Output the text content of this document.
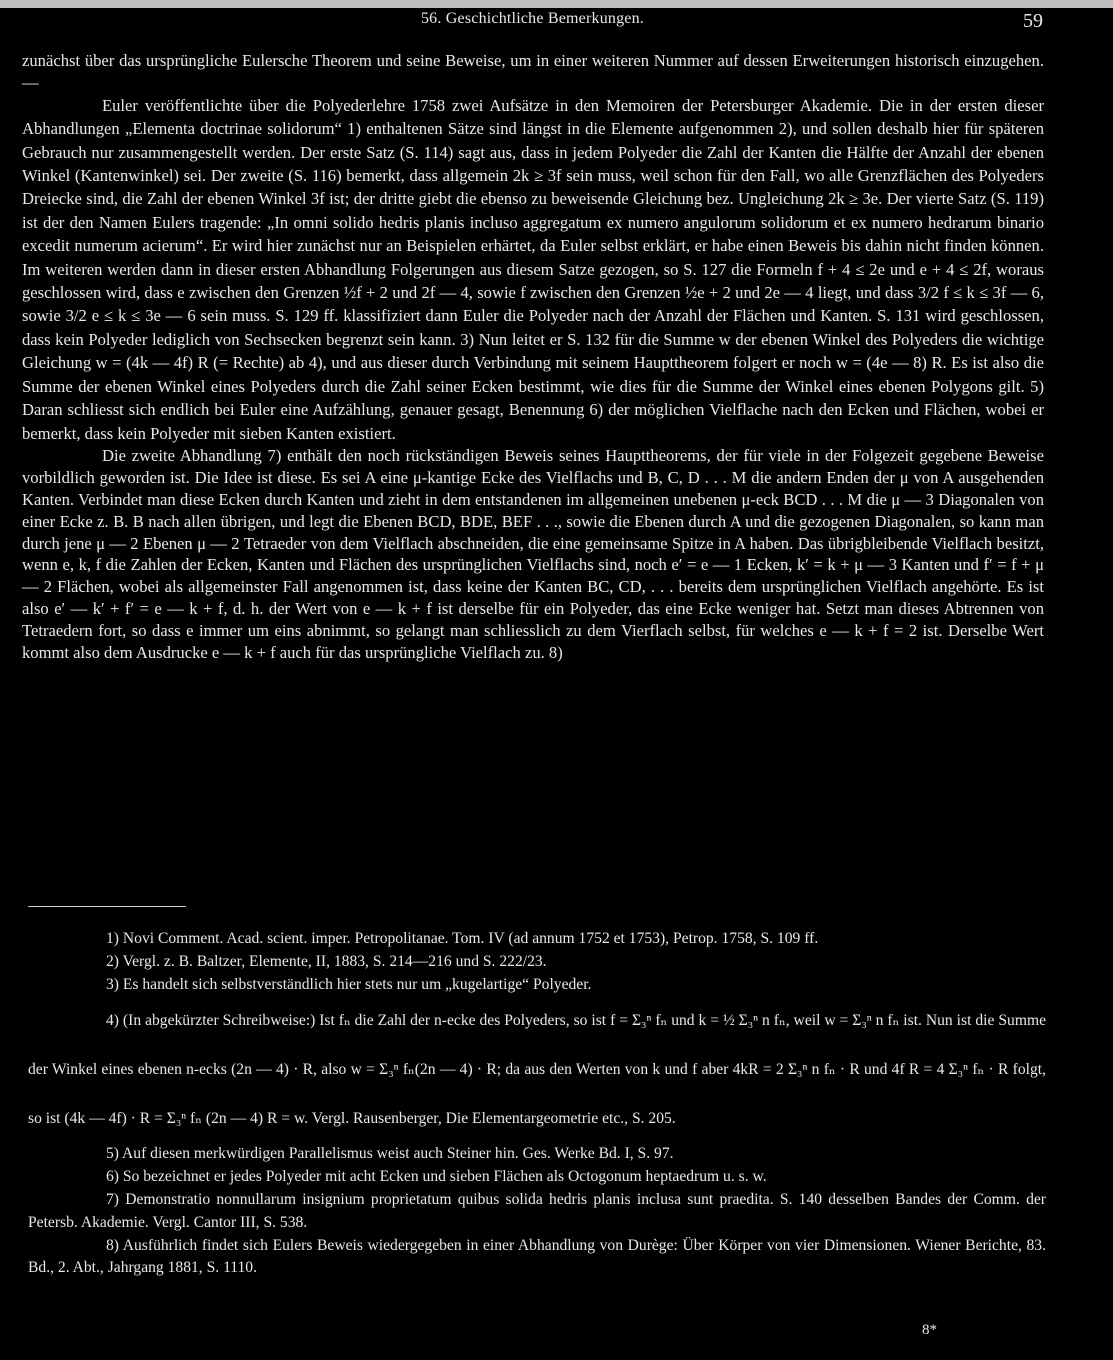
56. Geschichtliche Bemerkungen.	59

zunächst über das ursprüngliche Eulersche Theorem und seine Beweise, um in einer weiteren Nummer auf dessen Erweiterungen historisch einzugehen. —

Euler veröffentlichte über die Polyederlehre 1758 zwei Aufsätze in den Memoiren der Petersburger Akademie. Die in der ersten dieser Abhandlungen „Elementa doctrinae solidorum“ 1) enthaltenen Sätze sind längst in die Elemente aufgenommen 2), und sollen deshalb hier für späteren Gebrauch nur zusammengestellt werden. Der erste Satz (S. 114) sagt aus, dass in jedem Polyeder die Zahl der Kanten die Hälfte der Anzahl der ebenen Winkel (Kantenwinkel) sei. Der zweite (S. 116) bemerkt, dass allgemein 2k ≥ 3f sein muss, weil schon für den Fall, wo alle Grenzflächen des Polyeders Dreiecke sind, die Zahl der ebenen Winkel 3f ist; der dritte giebt die ebenso zu beweisende Gleichung bez. Ungleichung 2k ≥ 3e. Der vierte Satz (S. 119) ist der den Namen Eulers tragende: „In omni solido hedris planis incluso aggregatum ex numero angulorum solidorum et ex numero hedrarum binario excedit numerum acierum“. Er wird hier zunächst nur an Beispielen erhärtet, da Euler selbst erklärt, er habe einen Beweis bis dahin nicht finden können. Im weiteren werden dann in dieser ersten Abhandlung Folgerungen aus diesem Satze gezogen, so S. 127 die Formeln f + 4 ≤ 2e und e + 4 ≤ 2f, woraus geschlossen wird, dass e zwischen den Grenzen ½f + 2 und 2f — 4, sowie f zwischen den Grenzen ½e + 2 und 2e — 4 liegt, und dass 3/2 f ≤ k ≤ 3f — 6, sowie 3/2 e ≤ k ≤ 3e — 6 sein muss. S. 129 ff. klassifiziert dann Euler die Polyeder nach der Anzahl der Flächen und Kanten. S. 131 wird geschlossen, dass kein Polyeder lediglich von Sechsecken begrenzt sein kann. 3) Nun leitet er S. 132 für die Summe w der ebenen Winkel des Polyeders die wichtige Gleichung w = (4k — 4f) R (= Rechte) ab 4), und aus dieser durch Verbindung mit seinem Haupttheorem folgert er noch w = (4e — 8) R. Es ist also die Summe der ebenen Winkel eines Polyeders durch die Zahl seiner Ecken bestimmt, wie dies für die Summe der Winkel eines ebenen Polygons gilt. 5) Daran schliesst sich endlich bei Euler eine Aufzählung, genauer gesagt, Benennung 6) der möglichen Vielflache nach den Ecken und Flächen, wobei er bemerkt, dass kein Polyeder mit sieben Kanten existiert.

Die zweite Abhandlung 7) enthält den noch rückständigen Beweis seines Haupttheorems, der für viele in der Folgezeit gegebene Beweise vorbildlich geworden ist. Die Idee ist diese. Es sei A eine μ-kantige Ecke des Vielflachs und B, C, D . . . M die andern Enden der μ von A ausgehenden Kanten. Verbindet man diese Ecken durch Kanten und zieht in dem entstandenen im allgemeinen unebenen μ-eck BCD . . . M die μ — 3 Diagonalen von einer Ecke z. B. B nach allen übrigen, und legt die Ebenen BCD, BDE, BEF . . ., sowie die Ebenen durch A und die gezogenen Diagonalen, so kann man durch jene μ — 2 Ebenen μ — 2 Tetraeder von dem Vielflach abschneiden, die eine gemeinsame Spitze in A haben. Das übrigbleibende Vielflach besitzt, wenn e, k, f die Zahlen der Ecken, Kanten und Flächen des ursprünglichen Vielflachs sind, noch e′ = e — 1 Ecken, k′ = k + μ — 3 Kanten und f′ = f + μ — 2 Flächen, wobei als allgemeinster Fall angenommen ist, dass keine der Kanten BC, CD, . . . bereits dem ursprünglichen Vielflach angehörte. Es ist also e′ — k′ + f′ = e — k + f, d. h. der Wert von e — k + f ist derselbe für ein Polyeder, das eine Ecke weniger hat. Setzt man dieses Abtrennen von Tetraedern fort, so dass e immer um eins abnimmt, so gelangt man schliesslich zu dem Vierflach selbst, für welches e — k + f = 2 ist. Derselbe Wert kommt also dem Ausdrucke e — k + f auch für das ursprüngliche Vielflach zu. 8)

1) Novi Comment. Acad. scient. imper. Petropolitanae. Tom. IV (ad annum 1752 et 1753), Petrop. 1758, S. 109 ff.

2) Vergl. z. B. Baltzer, Elemente, II, 1883, S. 214—216 und S. 222/23.

3) Es handelt sich selbstverständlich hier stets nur um „kugelartige“ Polyeder.

4) (In abgekürzter Schreibweise:) Ist fₙ die Zahl der n-ecke des Polyeders, so ist f = Σ₃ⁿ fₙ und k = ½ Σ₃ⁿ n fₙ, weil w = Σ₃ⁿ n fₙ ist. Nun ist die Summe der Winkel eines ebenen n-ecks (2n — 4) · R, also w = Σ₃ⁿ fₙ(2n — 4) · R; da aus den Werten von k und f aber 4kR = 2 Σ₃ⁿ n fₙ · R und 4f R = 4 Σ₃ⁿ fₙ · R folgt, so ist (4k — 4f) · R = Σ₃ⁿ fₙ (2n — 4) R = w. Vergl. Rausenberger, Die Elementargeometrie etc., S. 205.

5) Auf diesen merkwürdigen Parallelismus weist auch Steiner hin. Ges. Werke Bd. I, S. 97.

6) So bezeichnet er jedes Polyeder mit acht Ecken und sieben Flächen als Octogonum heptaedrum u. s. w.

7) Demonstratio nonnullarum insignium proprietatum quibus solida hedris planis inclusa sunt praedita. S. 140 desselben Bandes der Comm. der Petersb. Akademie. Vergl. Cantor III, S. 538.

8) Ausführlich findet sich Eulers Beweis wiedergegeben in einer Abhandlung von Durège: Über Körper von vier Dimensionen. Wiener Berichte, 83. Bd., 2. Abt., Jahrgang 1881, S. 1110.

8*
